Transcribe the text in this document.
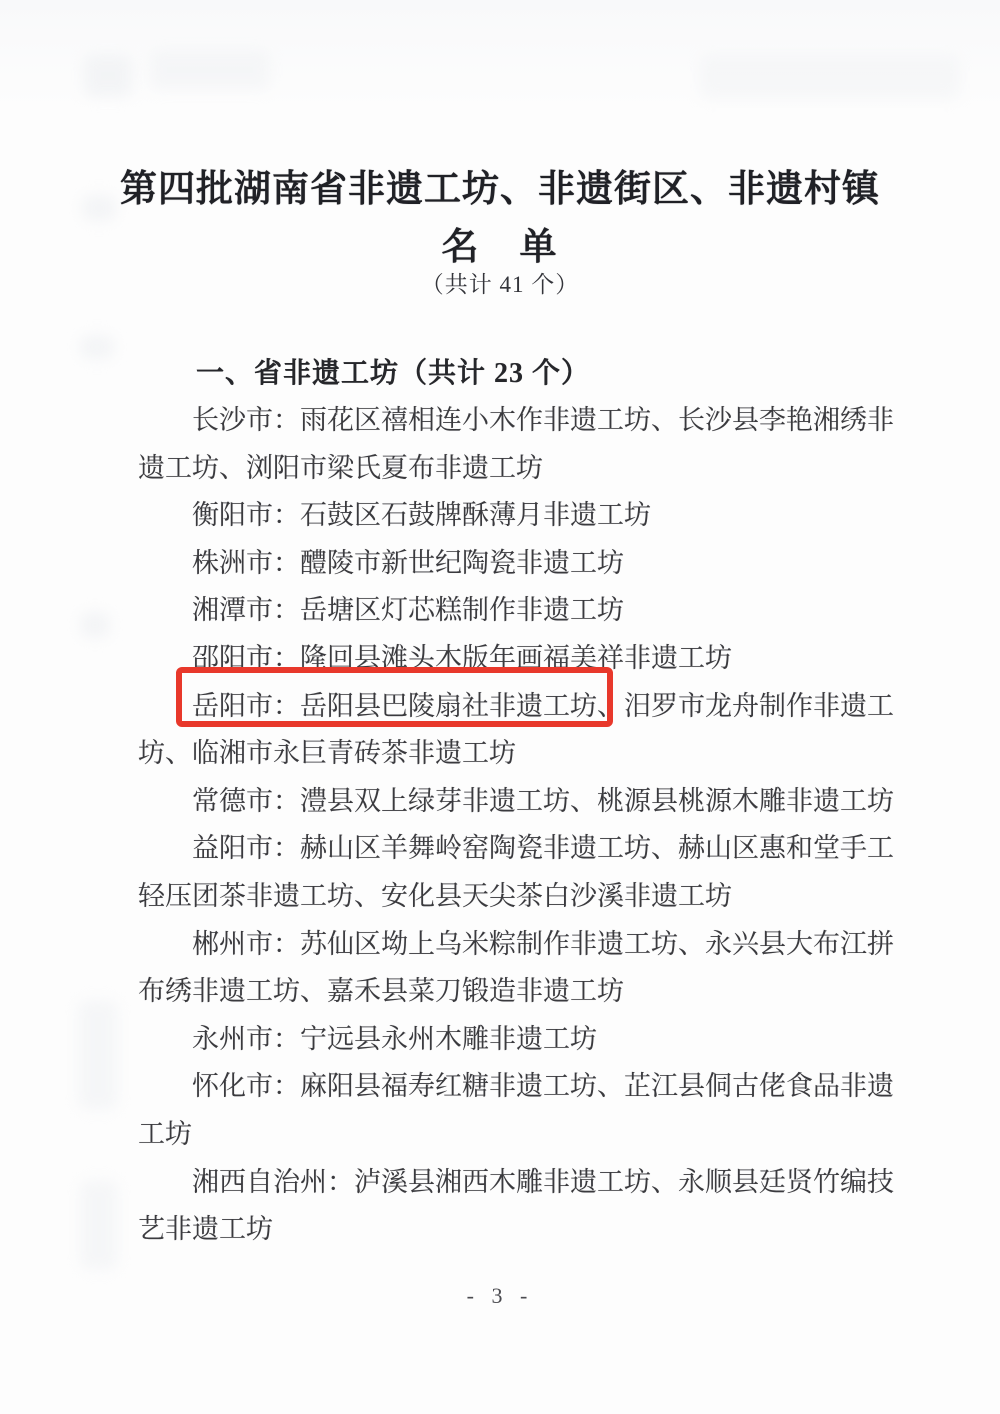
第四批湖南省非遗工坊、非遗街区、非遗村镇
名　单
（共计 41 个）
一、省非遗工坊（共计 23 个）

长沙市：雨花区禧相连小木作非遗工坊、长沙县李艳湘绣非遗工坊、浏阳市梁氏夏布非遗工坊

衡阳市：石鼓区石鼓牌酥薄月非遗工坊

株洲市：醴陵市新世纪陶瓷非遗工坊

湘潭市：岳塘区灯芯糕制作非遗工坊

邵阳市：隆回县滩头木版年画福美祥非遗工坊

岳阳市：岳阳县巴陵扇社非遗工坊、汨罗市龙舟制作非遗工坊、临湘市永巨青砖茶非遗工坊

常德市：澧县双上绿芽非遗工坊、桃源县桃源木雕非遗工坊

益阳市：赫山区羊舞岭窑陶瓷非遗工坊、赫山区惠和堂手工轻压团茶非遗工坊、安化县天尖茶白沙溪非遗工坊

郴州市：苏仙区坳上乌米粽制作非遗工坊、永兴县大布江拼布绣非遗工坊、嘉禾县菜刀锻造非遗工坊

永州市：宁远县永州木雕非遗工坊

怀化市：麻阳县福寿红糖非遗工坊、芷江县侗古佬食品非遗工坊

湘西自治州：泸溪县湘西木雕非遗工坊、永顺县廷贤竹编技艺非遗工坊

- 3 -
